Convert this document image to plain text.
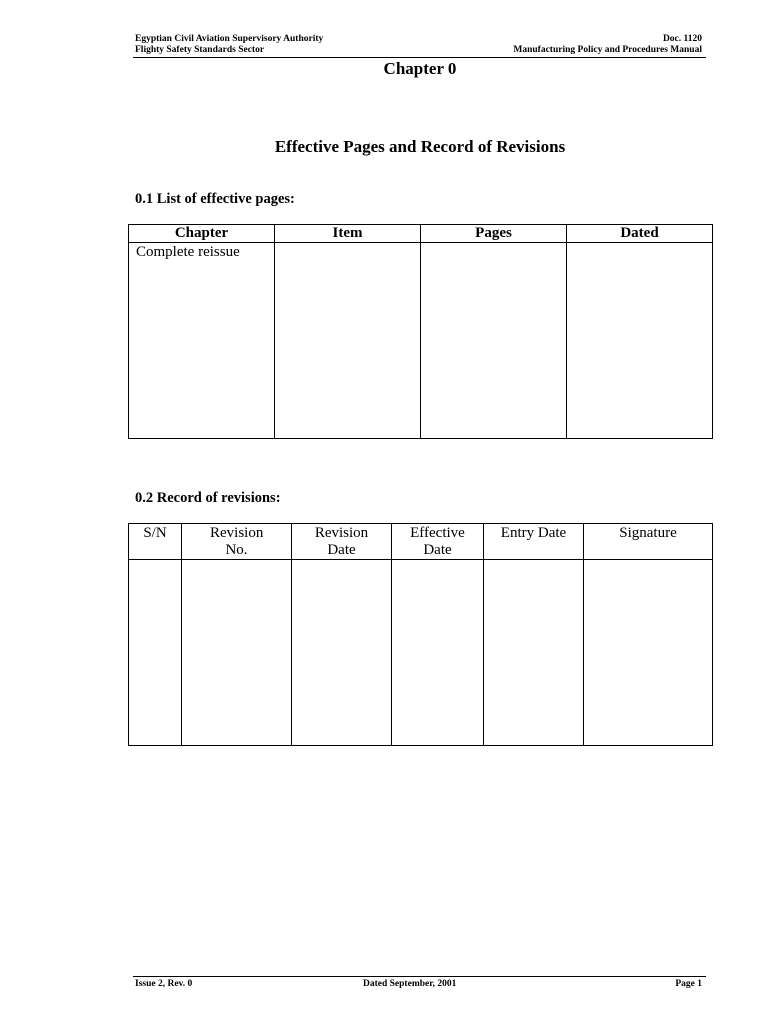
Egyptian Civil Aviation Supervisory Authority
Flighty Safety Standards Sector
Doc. 1120
Manufacturing Policy and Procedures Manual
Chapter 0
Effective Pages and Record of Revisions
0.1 List of effective pages:
Chapter	Item	Pages	Dated
Complete reissue			
0.2 Record of revisions:
S/N	Revision No.	Revision Date	Effective Date	Entry Date	Signature

Issue 2, Rev. 0	Dated September, 2001	Page 1
